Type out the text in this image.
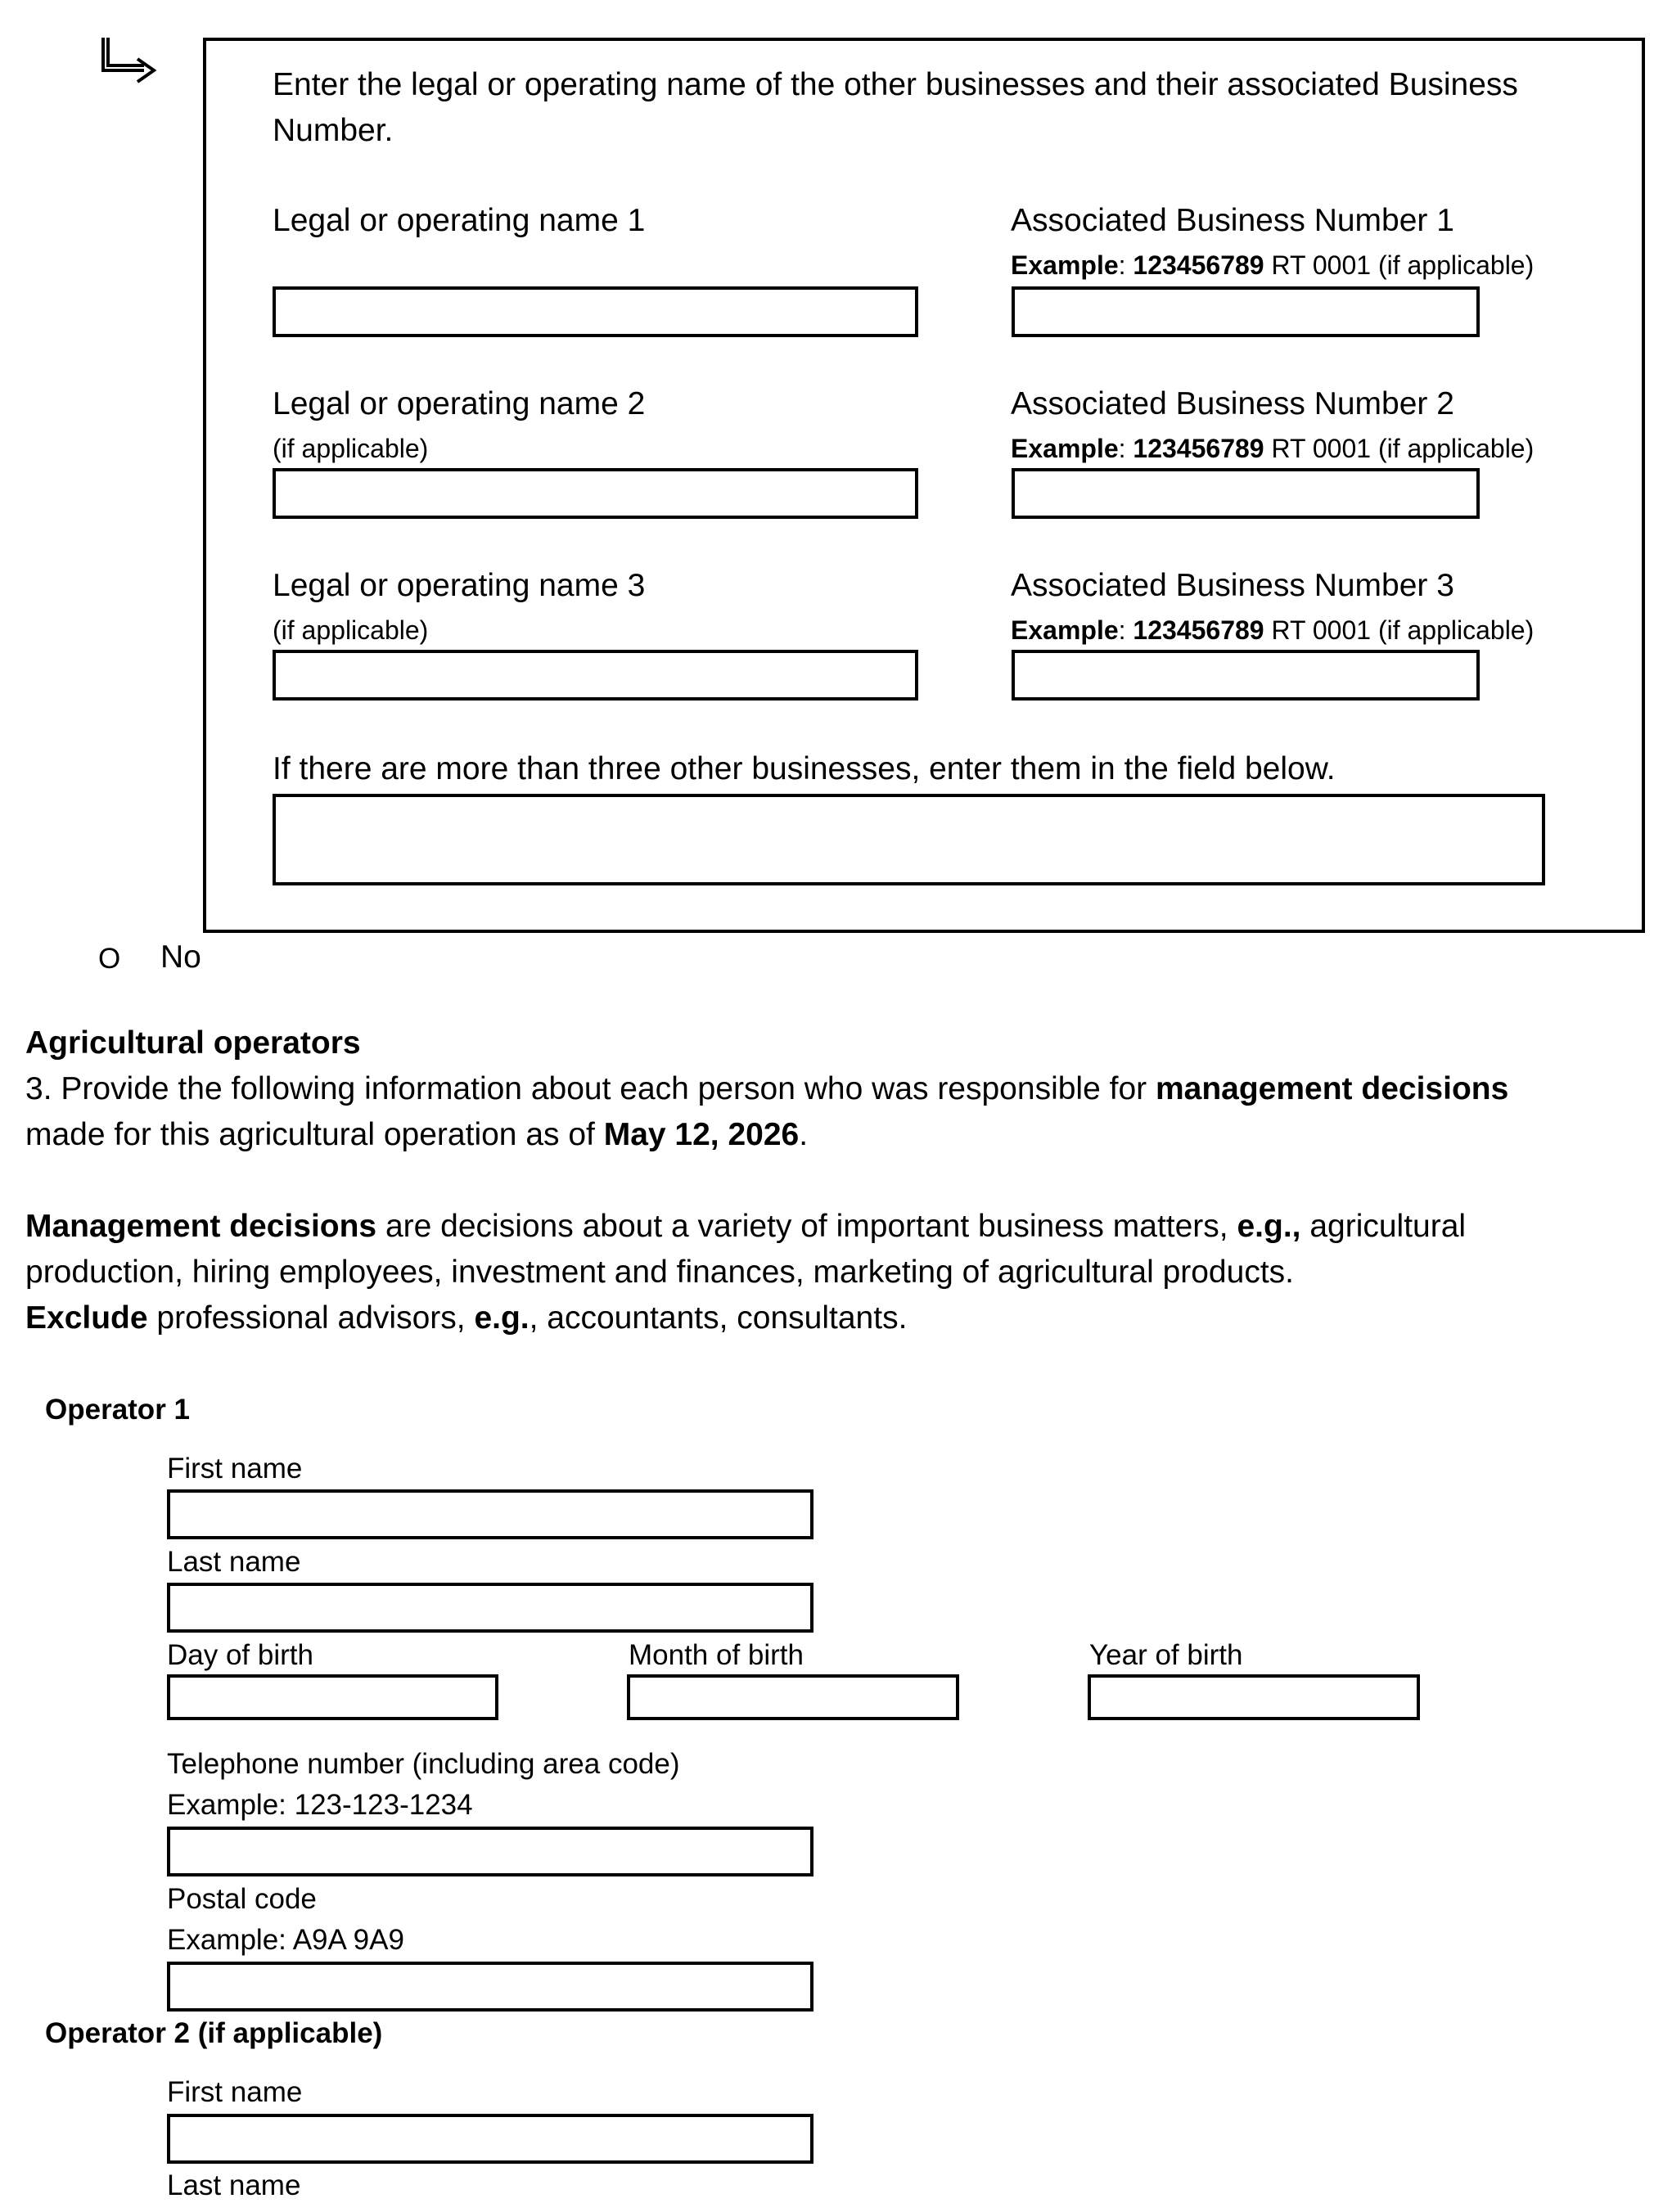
Enter the legal or operating name of the other businesses and their associated Business
Number.
Legal or operating name 1	Associated Business Number 1
Example: 123456789 RT 0001 (if applicable)
Legal or operating name 2
(if applicable)
Associated Business Number 2
Example: 123456789 RT 0001 (if applicable)
Legal or operating name 3
(if applicable)
Associated Business Number 3
Example: 123456789 RT 0001 (if applicable)
If there are more than three other businesses, enter them in the field below.
O No
Agricultural operators
3. Provide the following information about each person who was responsible for management decisions
made for this agricultural operation as of May 12, 2026.
Management decisions are decisions about a variety of important business matters, e.g., agricultural
production, hiring employees, investment and finances, marketing of agricultural products.
Exclude professional advisors, e.g., accountants, consultants.
Operator 1
First name
Last name
Day of birth	Month of birth	Year of birth
Telephone number (including area code)
Example: 123-123-1234
Postal code
Example: A9A 9A9
Operator 2 (if applicable)
First name
Last name
